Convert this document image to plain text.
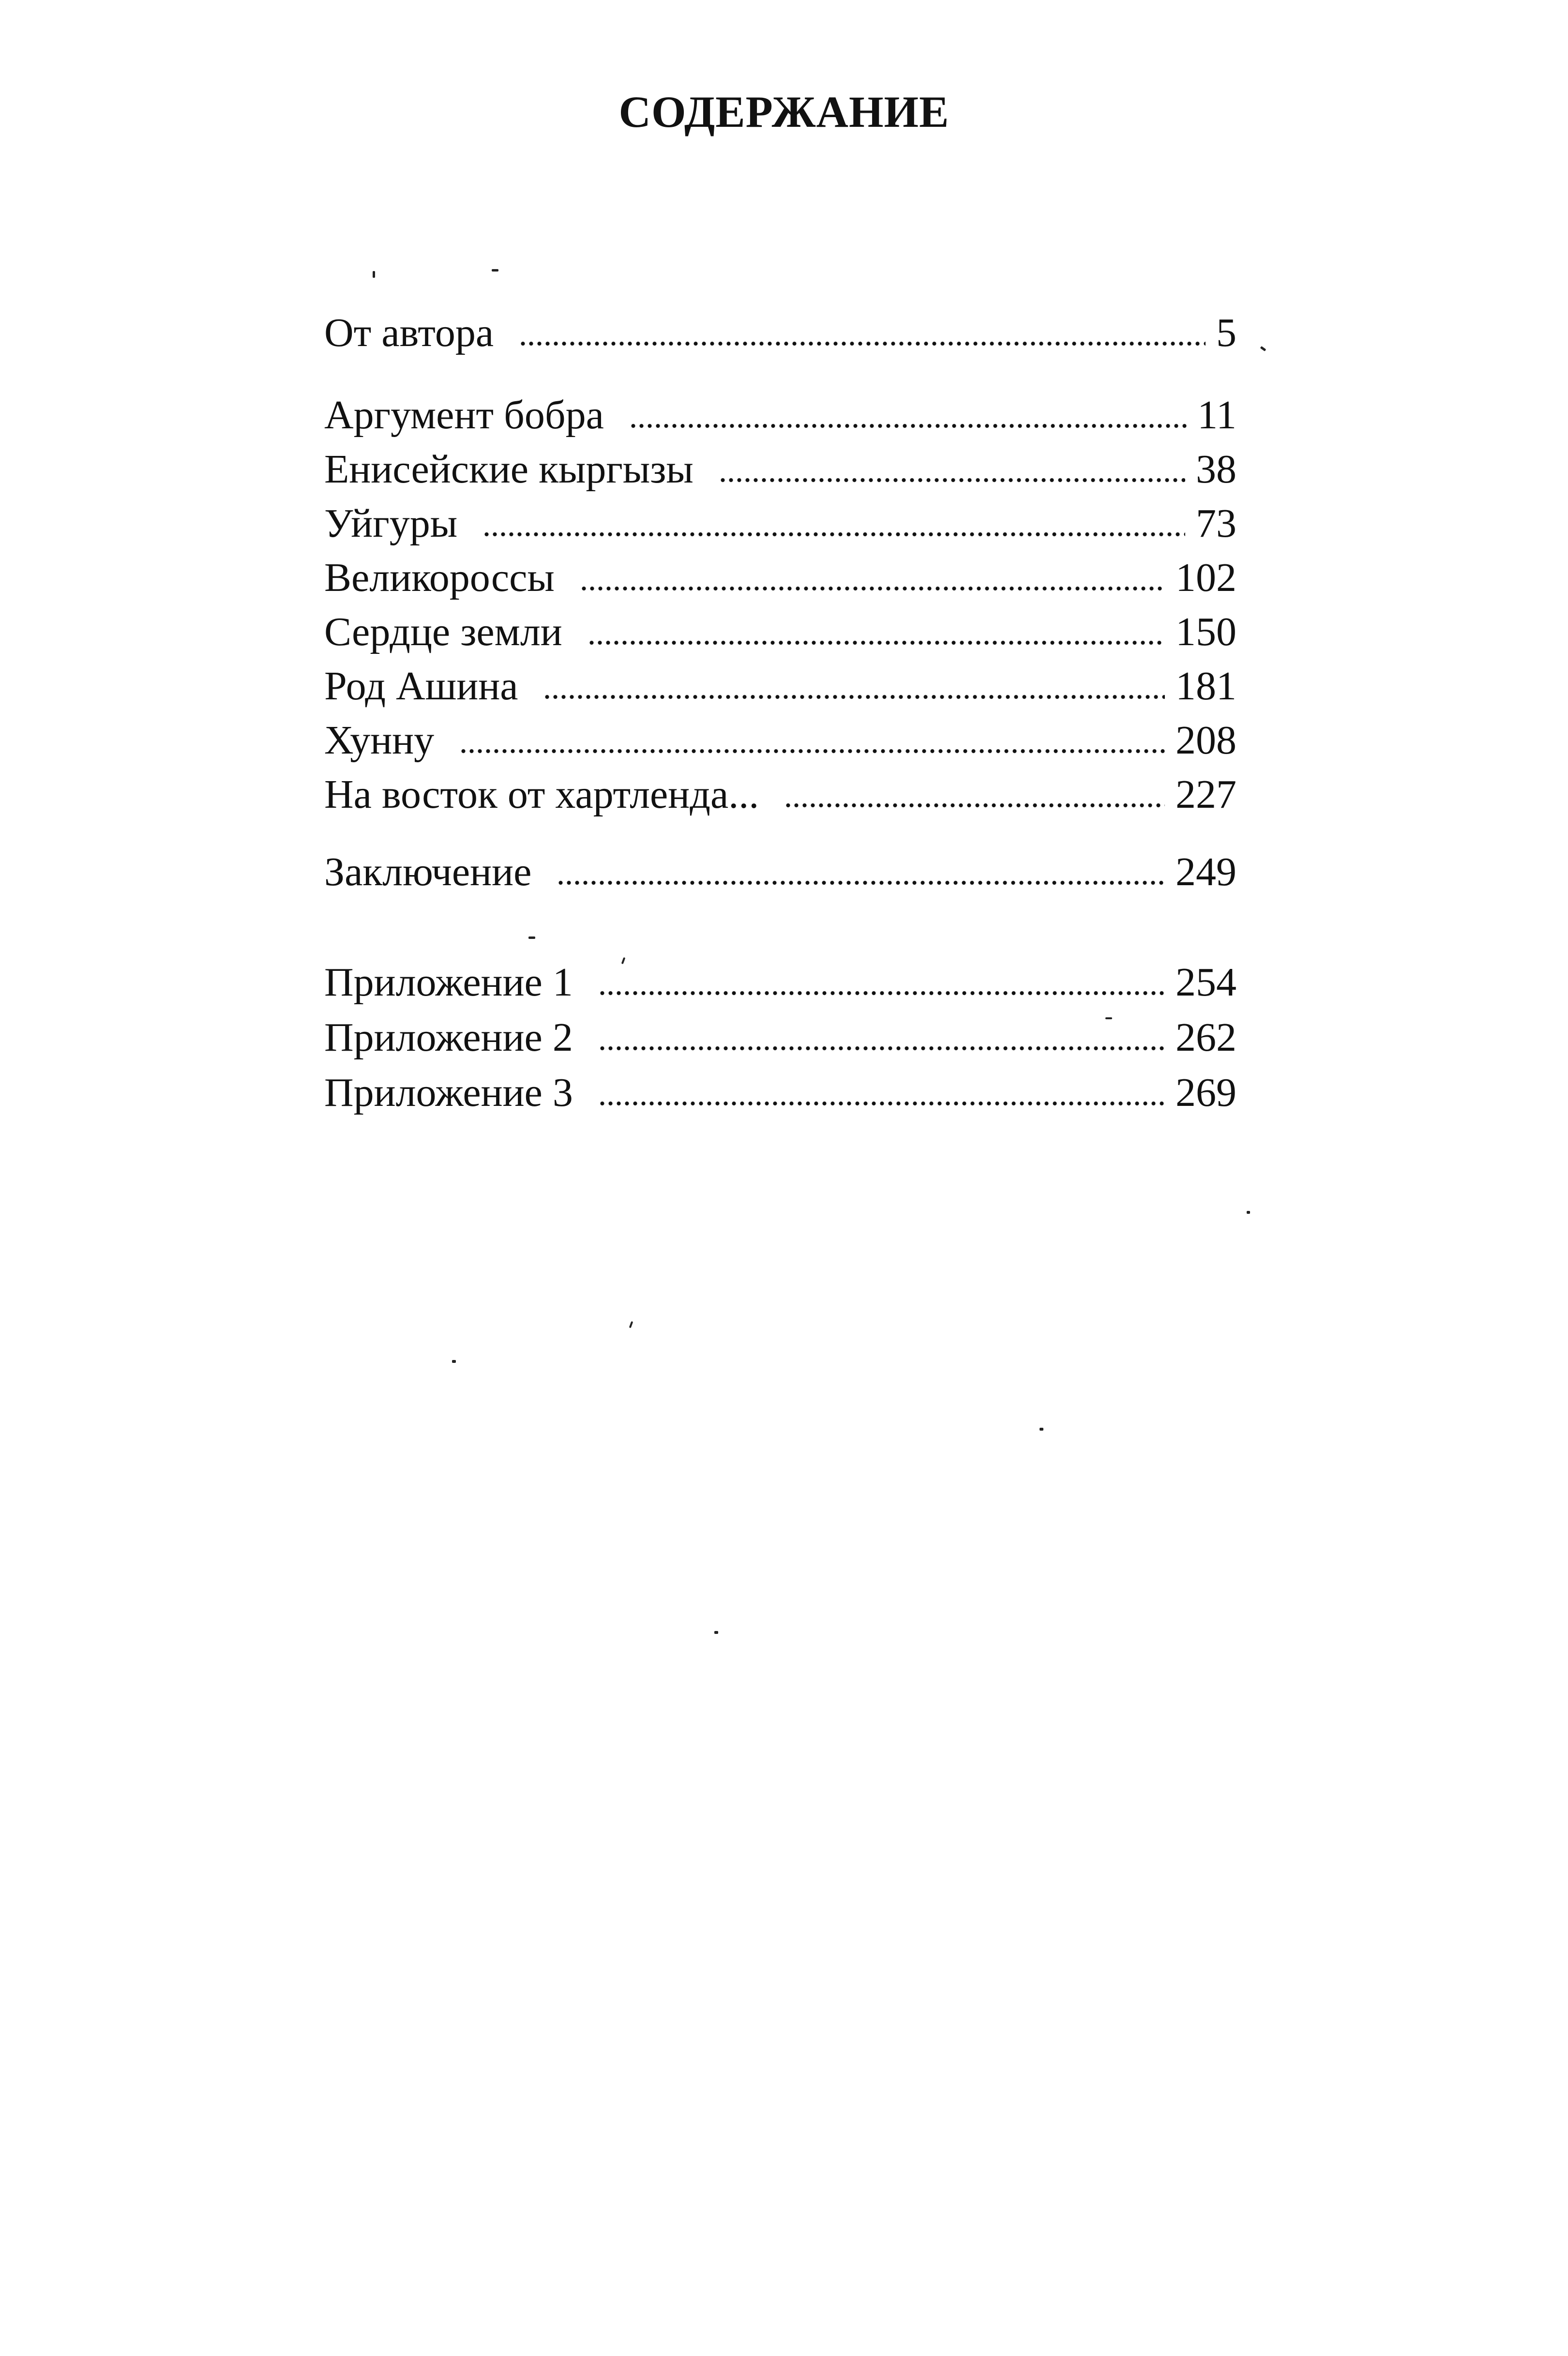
СОДЕРЖАНИЕ
От автора	5
Аргумент бобра	11
Енисейские кыргызы	38
Уйгуры	73
Великороссы	102
Сердце земли	150
Род Ашина	181
Хунну	208
На восток от хартленда...	227
Заключение	249
Приложение 1	254
Приложение 2	262
Приложение 3	269
